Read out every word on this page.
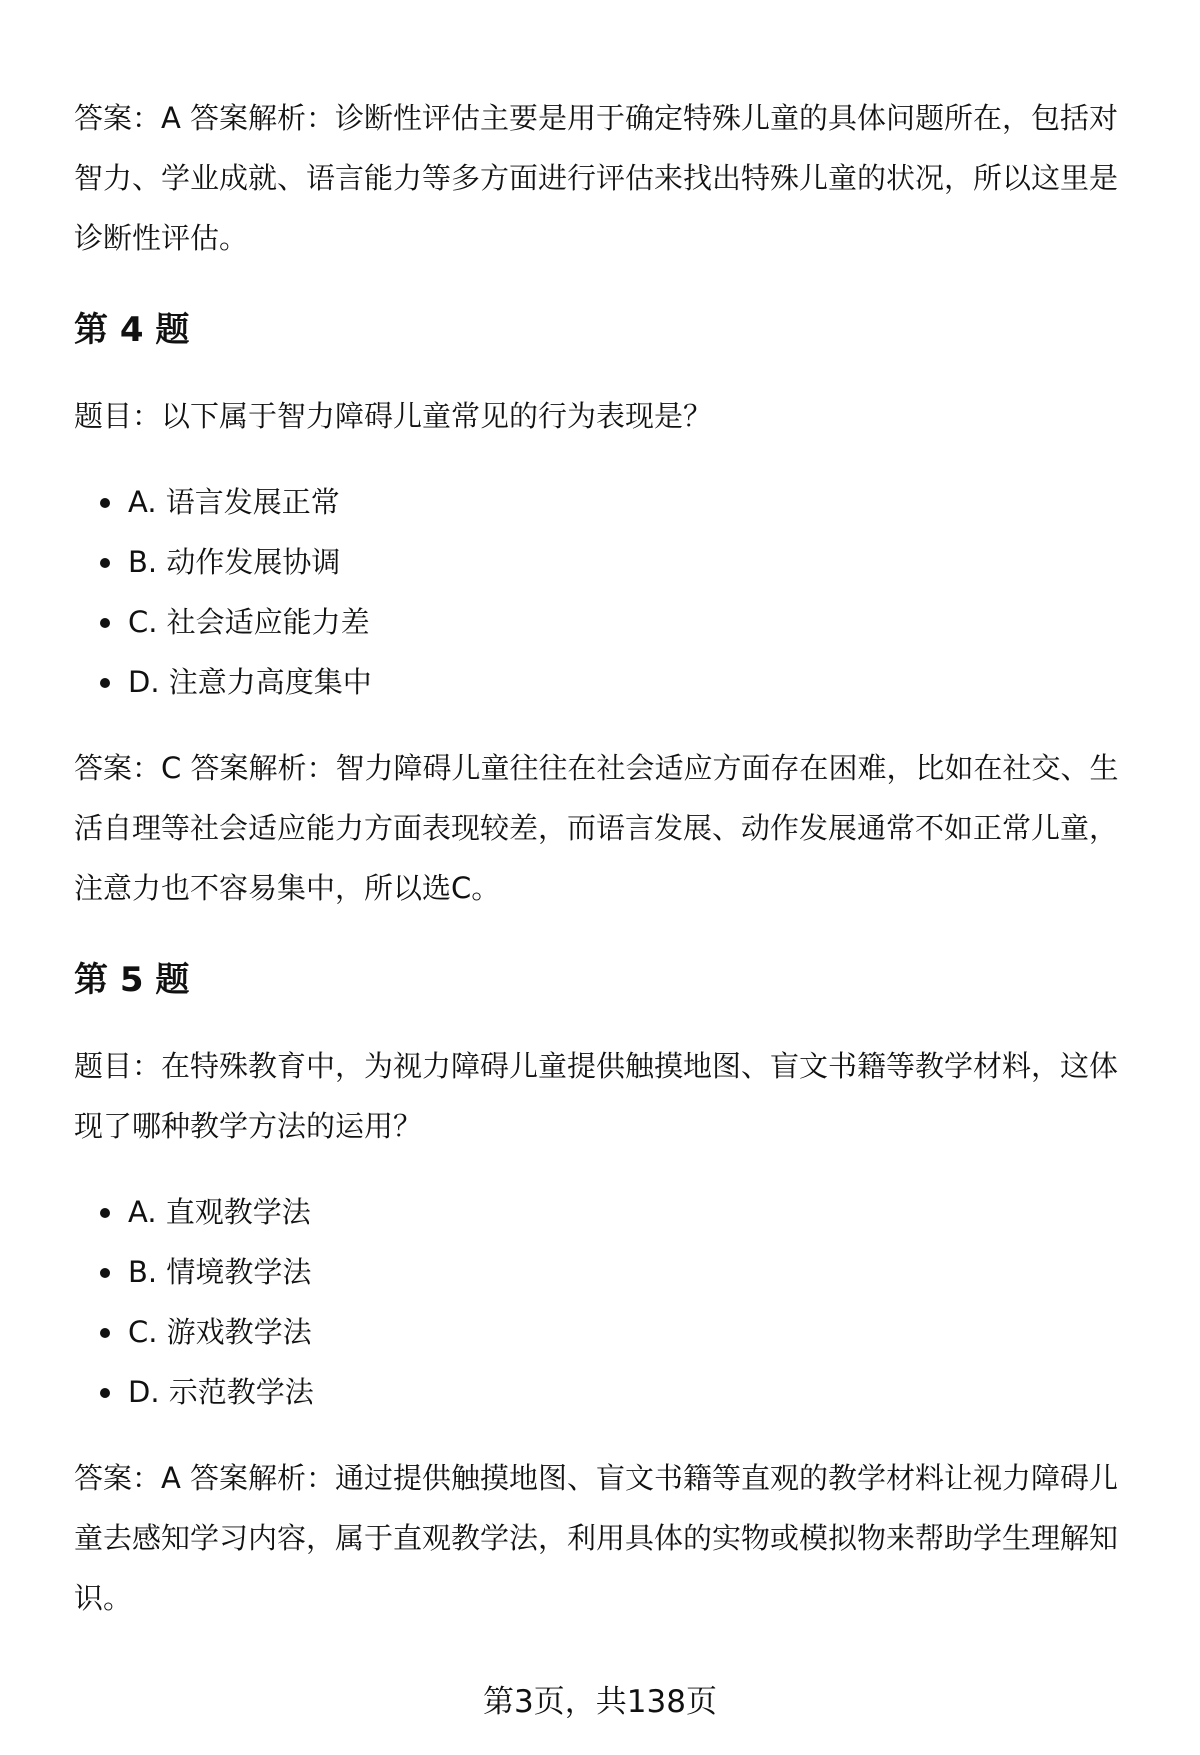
答案：A 答案解析：诊断性评估主要是用于确定特殊儿童的具体问题所在，包括对

智力、学业成就、语言能力等多方面进行评估来找出特殊儿童的状况，所以这里是

诊断性评估。

第 4 题

题目：以下属于智力障碍儿童常见的行为表现是？

A. 语言发展正常
B. 动作发展协调
C. 社会适应能力差
D. 注意力高度集中

答案：C 答案解析：智力障碍儿童往往在社会适应方面存在困难，比如在社交、生

活自理等社会适应能力方面表现较差，而语言发展、动作发展通常不如正常儿童，

注意力也不容易集中，所以选C。

第 5 题

题目：在特殊教育中，为视力障碍儿童提供触摸地图、盲文书籍等教学材料，这体

现了哪种教学方法的运用？

A. 直观教学法
B. 情境教学法
C. 游戏教学法
D. 示范教学法

答案：A 答案解析：通过提供触摸地图、盲文书籍等直观的教学材料让视力障碍儿

童去感知学习内容，属于直观教学法，利用具体的实物或模拟物来帮助学生理解知

识。

第3页，共138页
